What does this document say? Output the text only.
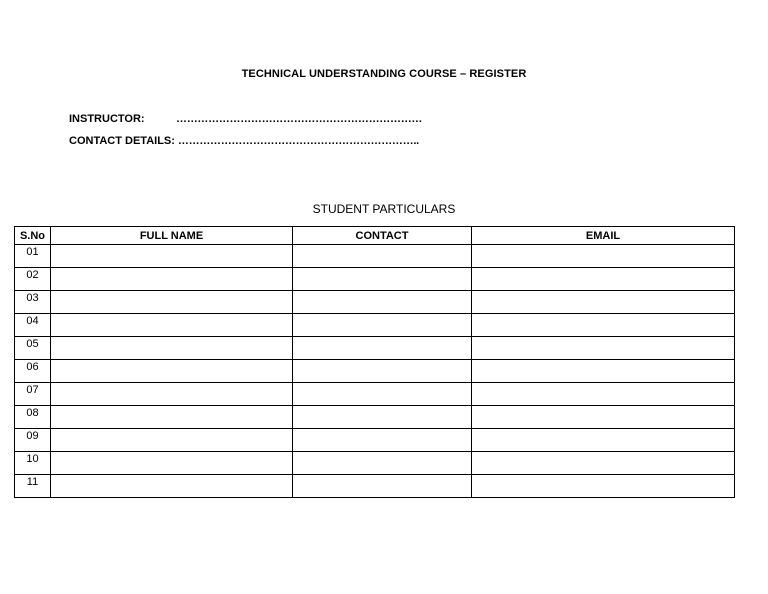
TECHNICAL UNDERSTANDING COURSE – REGISTER
INSTRUCTOR:	……………………………………………………………
CONTACT DETAILS: …………………………………………………………..
STUDENT PARTICULARS
S.No	FULL NAME	CONTACT	EMAIL
01			
02			
03			
04			
05			
06			
07			
08			
09			
10			
11			
